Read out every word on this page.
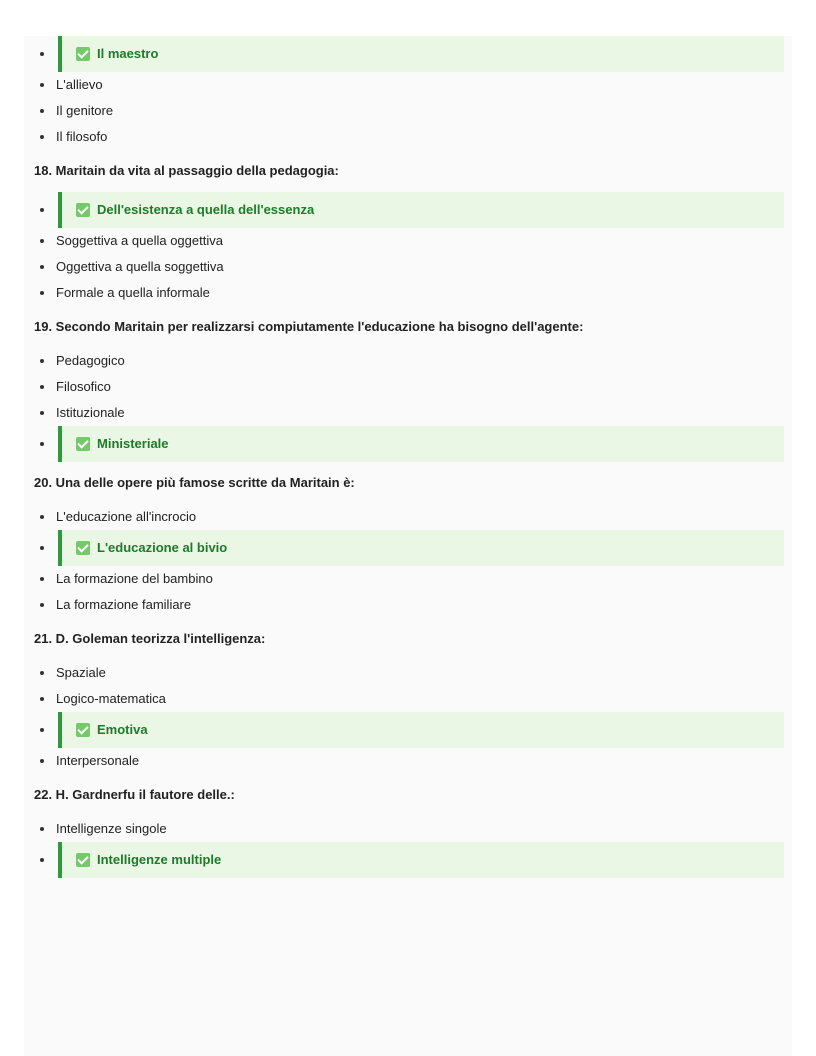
Il maestro
L'allievo
Il genitore
Il filosofo
18. Maritain da vita al passaggio della pedagogia:
Dell'esistenza a quella dell'essenza
Soggettiva a quella oggettiva
Oggettiva a quella soggettiva
Formale a quella informale
19. Secondo Maritain per realizzarsi compiutamente l'educazione ha bisogno dell'agente:
Pedagogico
Filosofico
Istituzionale
Ministeriale
20. Una delle opere più famose scritte da Maritain è:
L'educazione all'incrocio
L'educazione al bivio
La formazione del bambino
La formazione familiare
21. D. Goleman teorizza l'intelligenza:
Spaziale
Logico-matematica
Emotiva
Interpersonale
22. H. Gardnerfu il fautore delle.:
Intelligenze singole
Intelligenze multiple
